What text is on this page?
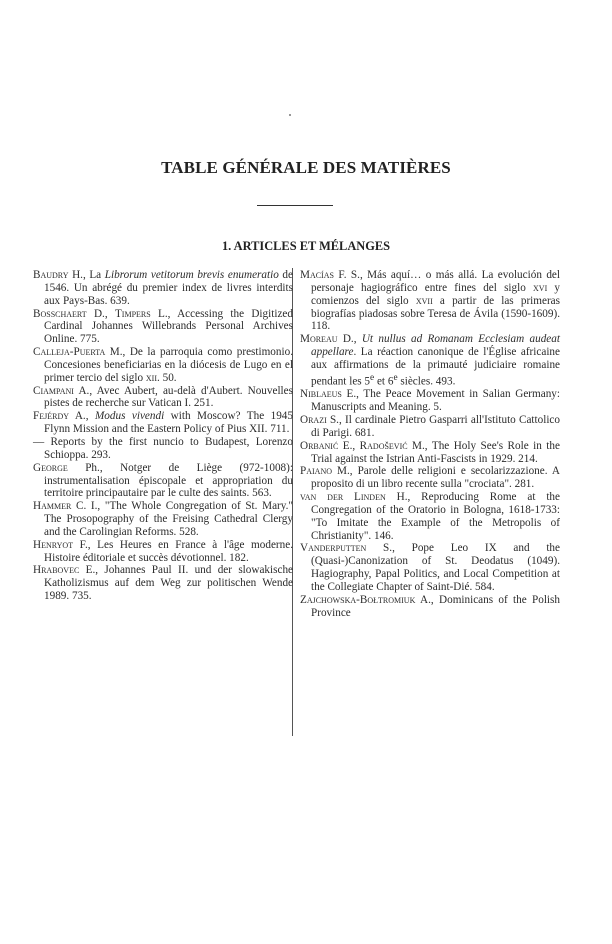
TABLE GÉNÉRALE DES MATIÈRES
1. ARTICLES ET MÉLANGES

Baudry H., La Librorum vetitorum brevis enumeratio de 1546. Un abrégé du premier index de livres interdits aux Pays-Bas. 639.

Bosschaert D., Timpers L., Accessing the Digitized Cardinal Johannes Willebrands Personal Archives Online. 775.

Calleja-Puerta M., De la parroquia como prestimonio. Concesiones beneficiarias en la diócesis de Lugo en el primer tercio del siglo xii. 50.

Ciampani A., Avec Aubert, au-delà d'Aubert. Nouvelles pistes de recherche sur Vatican I. 251.

Fejérdy A., Modus vivendi with Moscow? The 1945 Flynn Mission and the Eastern Policy of Pius XII. 711.

— Reports by the first nuncio to Budapest, Lorenzo Schioppa. 293.

George Ph., Notger de Liège (972-1008): instrumentalisation épiscopale et appropriation du territoire principautaire par le culte des saints. 563.

Hammer C. I., "The Whole Congregation of St. Mary." The Prosopography of the Freising Cathedral Clergy and the Carolingian Reforms. 528.

Henryot F., Les Heures en France à l'âge moderne. Histoire éditoriale et succès dévotionnel. 182.

Hrabovec E., Johannes Paul II. und der slowakische Katholizismus auf dem Weg zur politischen Wende 1989. 735.

Macías F. S., Más aquí… o más allá. La evolución del personaje hagiográfico entre fines del siglo xvi y comienzos del siglo xvii a partir de las primeras biografías piadosas sobre Teresa de Ávila (1590-1609). 118.

Moreau D., Ut nullus ad Romanam Ecclesiam audeat appellare. La réaction canonique de l'Église africaine aux affirmations de la primauté judiciaire romaine pendant les 5e et 6e siècles. 493.

Niblaeus E., The Peace Movement in Salian Germany: Manuscripts and Meaning. 5.

Orazi S., Il cardinale Pietro Gasparri all'Istituto Cattolico di Parigi. 681.

Orbanić E., Radošević M., The Holy See's Role in the Trial against the Istrian Anti-Fascists in 1929. 214.

Paiano M., Parole delle religioni e secolarizzazione. A proposito di un libro recente sulla "crociata". 281.

van der Linden H., Reproducing Rome at the Congregation of the Oratorio in Bologna, 1618-1733: "To Imitate the Example of the Metropolis of Christianity". 146.

Vanderputten S., Pope Leo IX and the (Quasi-)Canonization of St. Deodatus (1049). Hagiography, Papal Politics, and Local Competition at the Collegiate Chapter of Saint-Dié. 584.

Zajchowska-Bołtromiuk A., Dominicans of the Polish Province
